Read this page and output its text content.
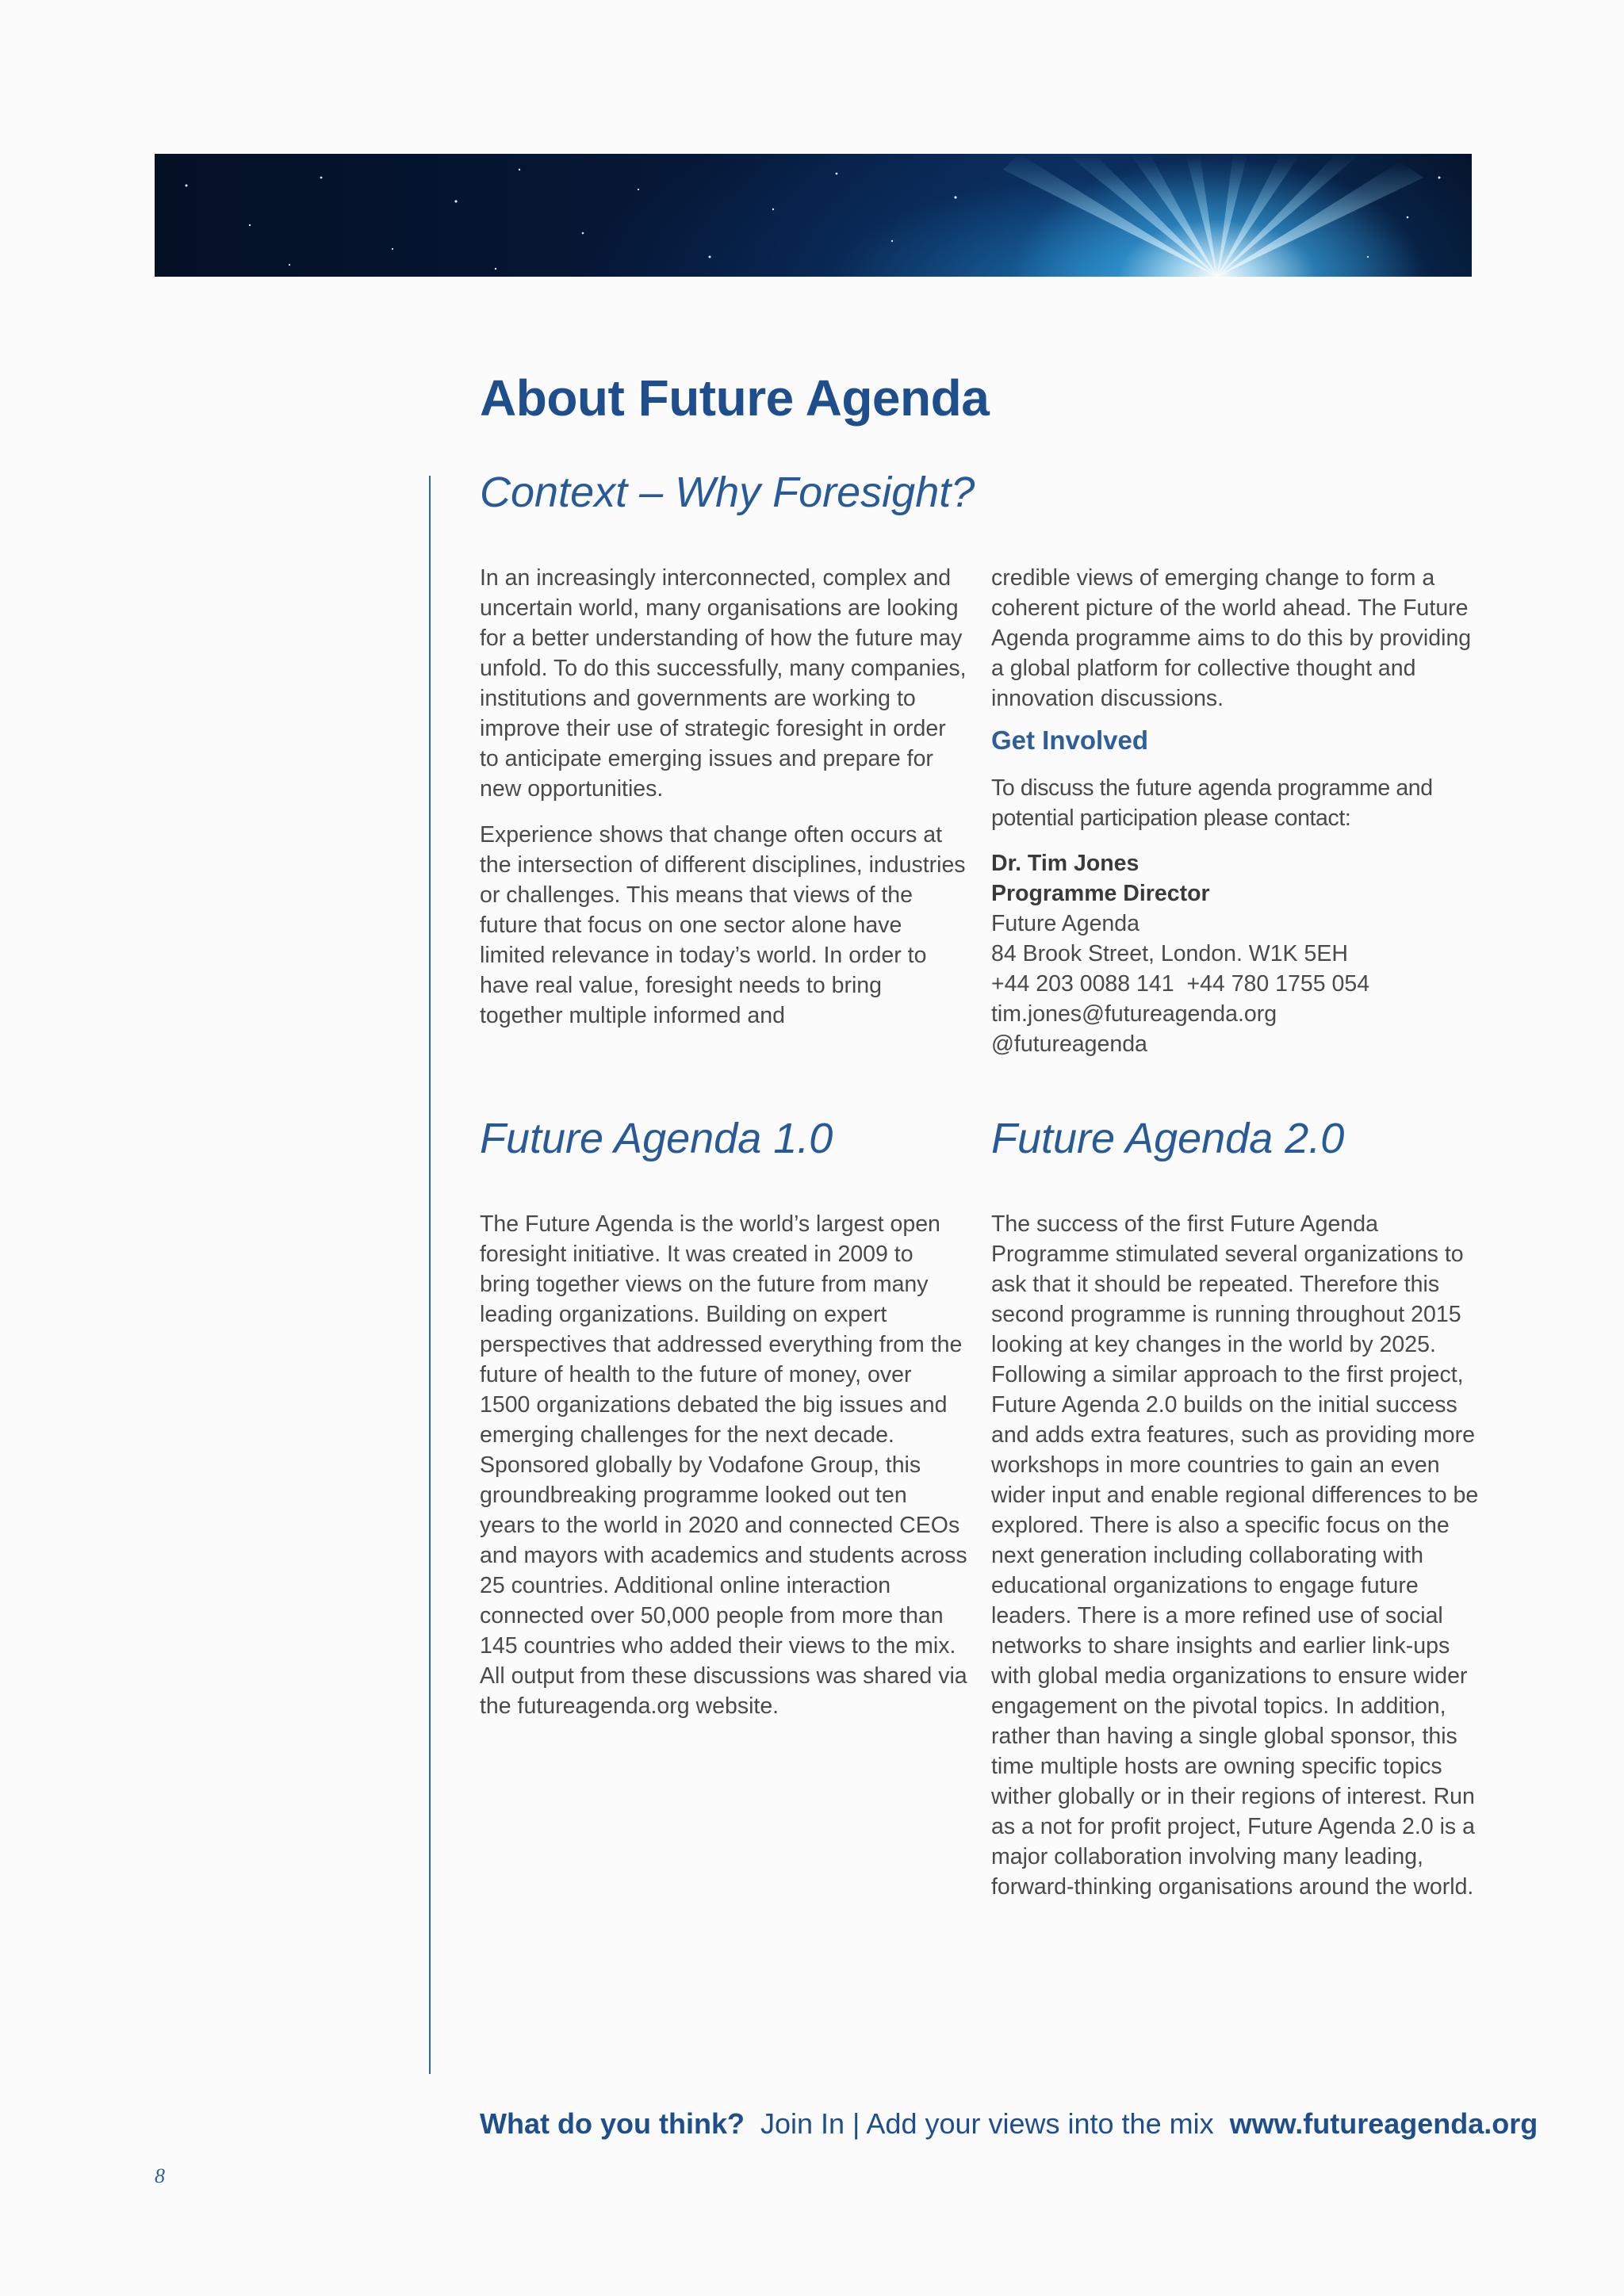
About Future Agenda
Context – Why Foresight?

In an increasingly interconnected, complex and uncertain world, many organisations are looking for a better understanding of how the future may unfold. To do this successfully, many companies, institutions and governments are working to improve their use of strategic foresight in order to anticipate emerging issues and prepare for new opportunities.

Experience shows that change often occurs at the intersection of different disciplines, industries or challenges. This means that views of the future that focus on one sector alone have limited relevance in today’s world. In order to have real value, foresight needs to bring together multiple informed and

credible views of emerging change to form a coherent picture of the world ahead. The Future Agenda programme aims to do this by providing a global platform for collective thought and innovation discussions.

Get Involved
To discuss the future agenda programme and potential participation please contact:
Dr. Tim Jones
Programme Director
Future Agenda
84 Brook Street, London. W1K 5EH
+44 203 0088 141  +44 780 1755 054
tim.jones@futureagenda.org
@futureagenda
Future Agenda 1.0
The Future Agenda is the world’s largest open foresight initiative. It was created in 2009 to bring together views on the future from many leading organizations. Building on expert perspectives that addressed everything from the future of health to the future of money, over 1500 organizations debated the big issues and emerging challenges for the next decade. Sponsored globally by Vodafone Group, this groundbreaking programme looked out ten years to the world in 2020 and connected CEOs and mayors with academics and students across 25 countries. Additional online interaction connected over 50,000 people from more than 145 countries who added their views to the mix. All output from these discussions was shared via the futureagenda.org website.
Future Agenda 2.0
The success of the first Future Agenda Programme stimulated several organizations to ask that it should be repeated. Therefore this second programme is running throughout 2015 looking at key changes in the world by 2025. Following a similar approach to the first project, Future Agenda 2.0 builds on the initial success and adds extra features, such as providing more workshops in more countries to gain an even wider input and enable regional differences to be explored. There is also a specific focus on the next generation including collaborating with educational organizations to engage future leaders. There is a more refined use of social networks to share insights and earlier link-ups with global media organizations to ensure wider engagement on the pivotal topics. In addition, rather than having a single global sponsor, this time multiple hosts are owning specific topics wither globally or in their regions of interest. Run as a not for profit project, Future Agenda 2.0 is a major collaboration involving many leading, forward-thinking organisations around the world.
What do you think? Join In | Add your views into the mix www.futureagenda.org
8
